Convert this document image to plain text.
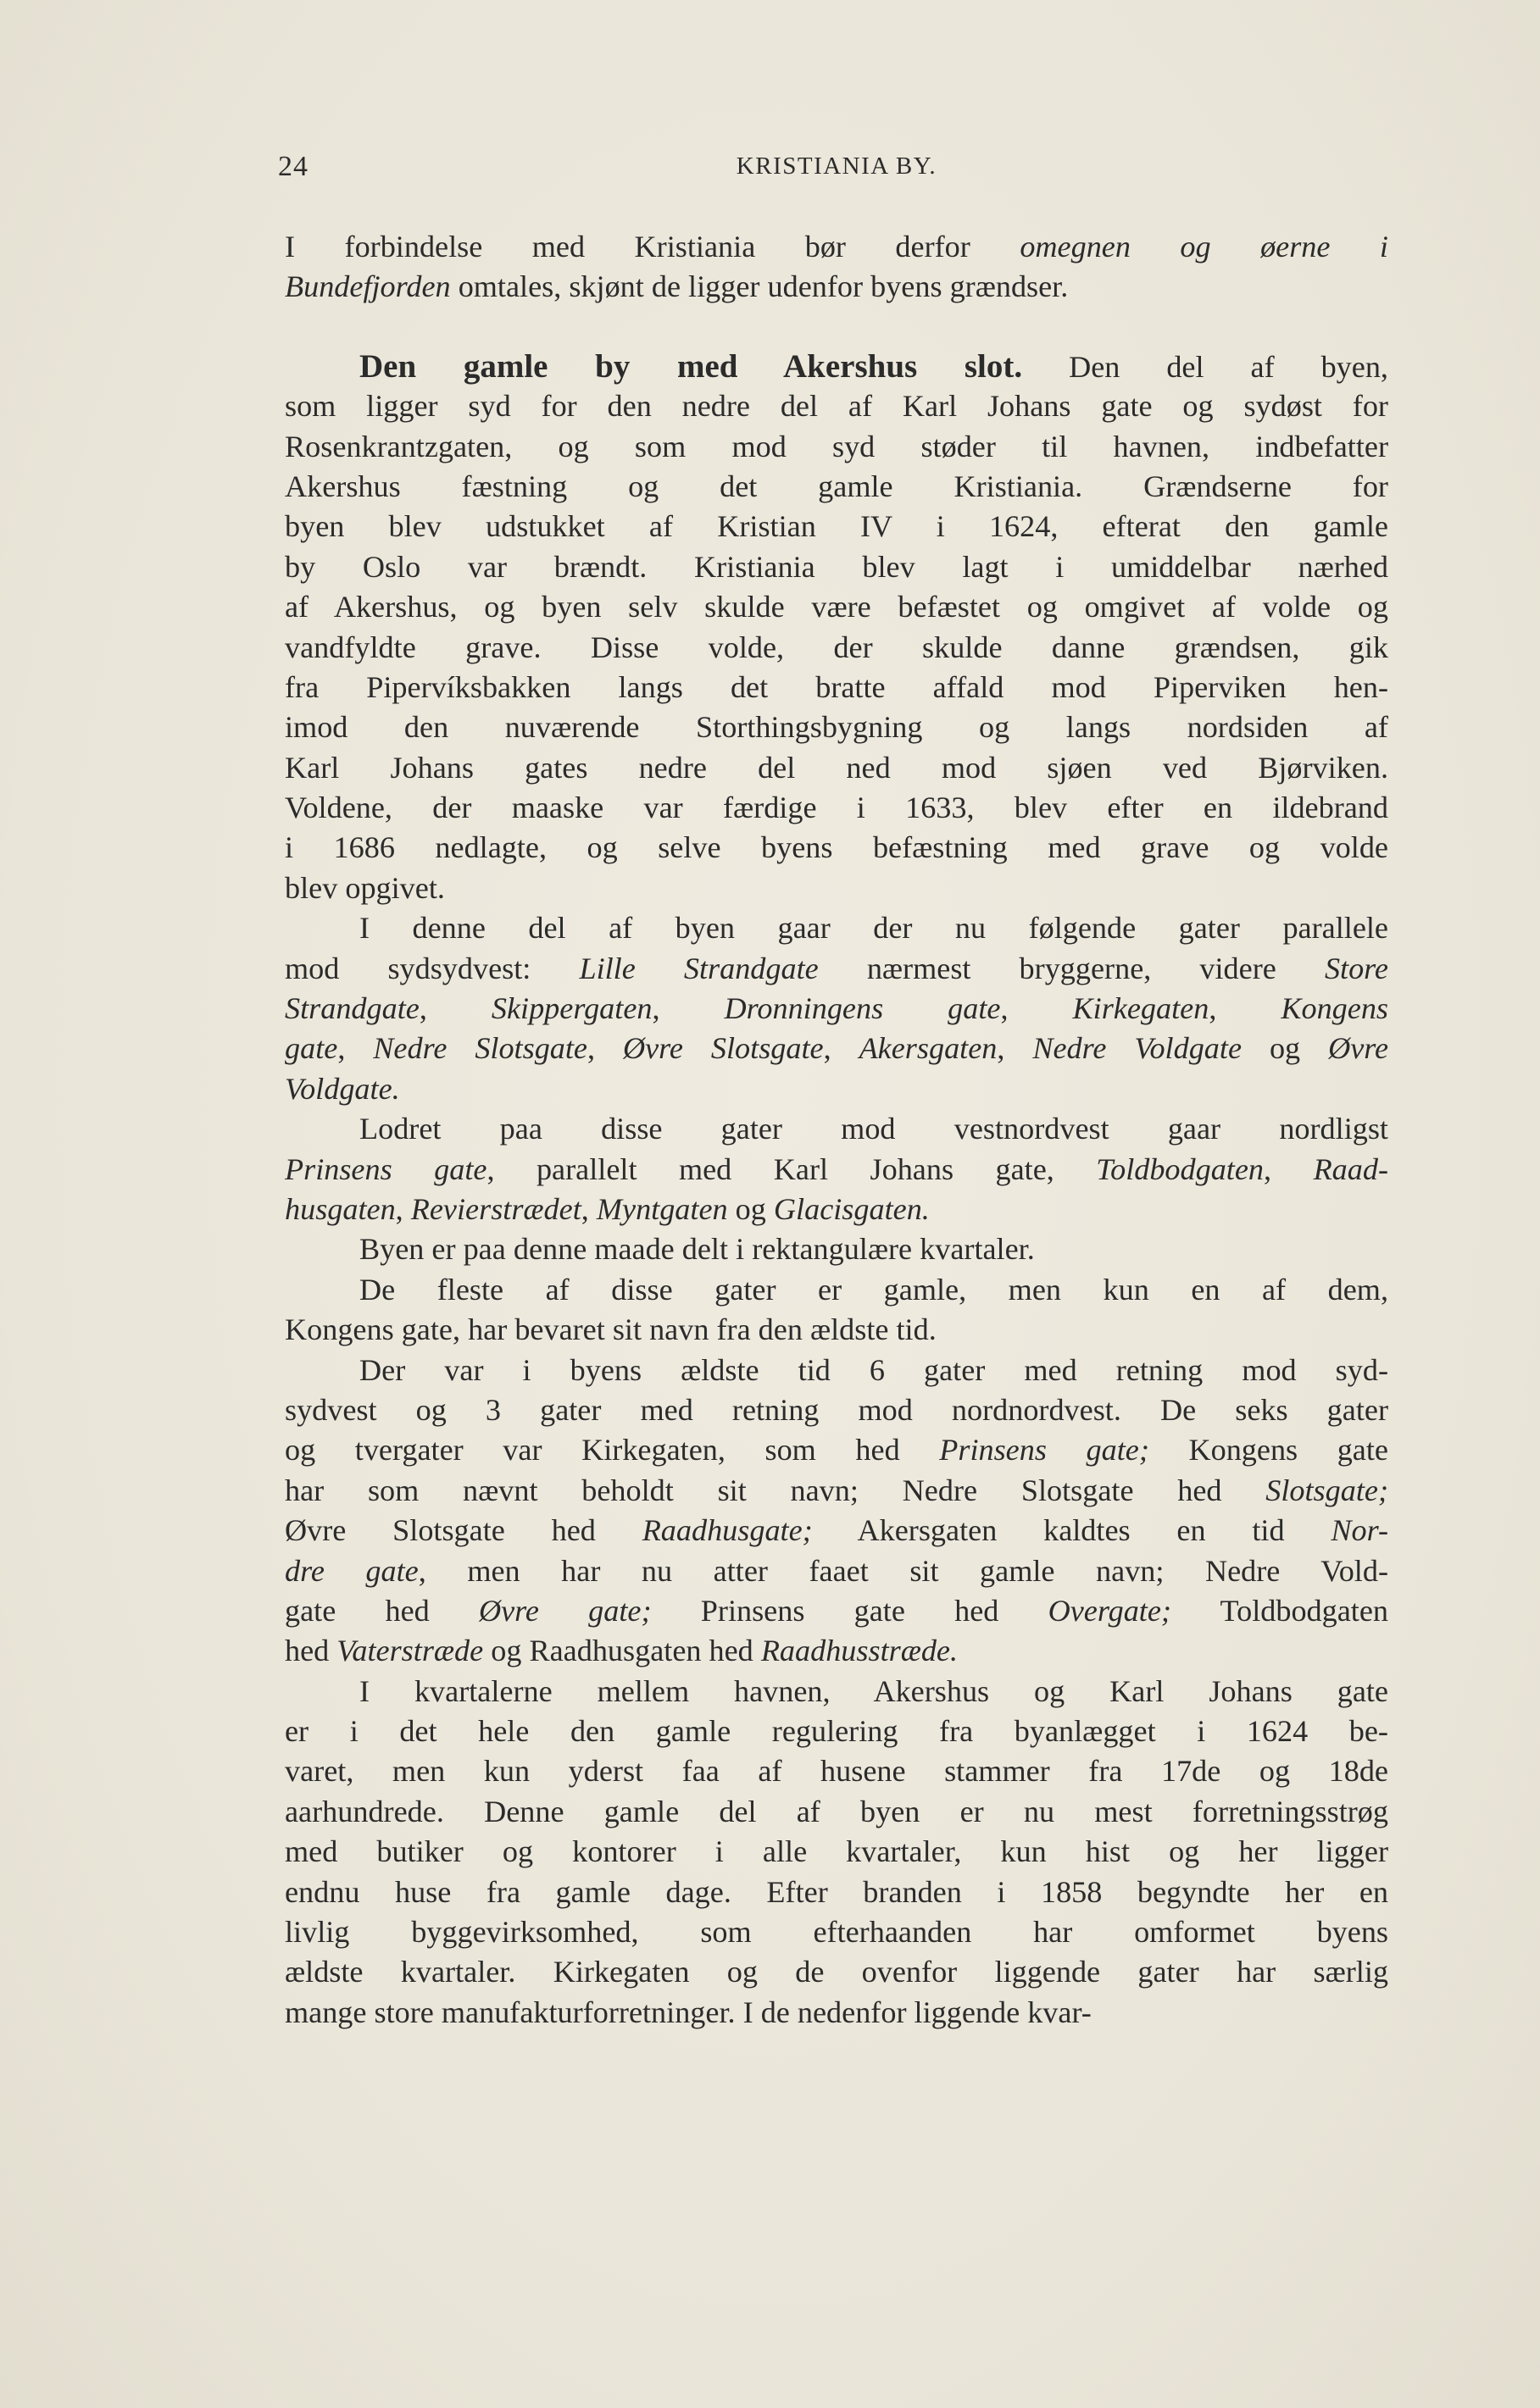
24	KRISTIANIA BY.
I forbindelse med Kristiania bør derfor omegnen og øerne i
Bundefjorden omtales, skjønt de ligger udenfor byens grændser.
Den gamle by med Akershus slot. Den del af byen,
som ligger syd for den nedre del af Karl Johans gate og sydøst for
Rosenkrantzgaten, og som mod syd støder til havnen, indbefatter
Akershus fæstning og det gamle Kristiania. Grændserne for
byen blev udstukket af Kristian IV i 1624, efterat den gamle
by Oslo var brændt. Kristiania blev lagt i umiddelbar nærhed
af Akershus, og byen selv skulde være befæstet og omgivet af volde og
vandfyldte grave. Disse volde, der skulde danne grændsen, gik
fra Pipervíksbakken langs det bratte affald mod Piperviken hen-
imod den nuværende Storthingsbygning og langs nordsiden af
Karl Johans gates nedre del ned mod sjøen ved Bjørviken.
Voldene, der maaske var færdige i 1633, blev efter en ildebrand
i 1686 nedlagte, og selve byens befæstning med grave og volde
blev opgivet.
I denne del af byen gaar der nu følgende gater parallele
mod sydsydvest: Lille Strandgate nærmest bryggerne, videre Store
Strandgate, Skippergaten, Dronningens gate, Kirkegaten, Kongens
gate, Nedre Slotsgate, Øvre Slotsgate, Akersgaten, Nedre Voldgate og Øvre
Voldgate.
Lodret paa disse gater mod vestnordvest gaar nordligst
Prinsens gate, parallelt med Karl Johans gate, Toldbodgaten, Raad-
husgaten, Revierstrædet, Myntgaten og Glacisgaten.
Byen er paa denne maade delt i rektangulære kvartaler.
De fleste af disse gater er gamle, men kun en af dem,
Kongens gate, har bevaret sit navn fra den ældste tid.
Der var i byens ældste tid 6 gater med retning mod syd-
sydvest og 3 gater med retning mod nordnordvest. De seks gater
og tvergater var Kirkegaten, som hed Prinsens gate; Kongens gate
har som nævnt beholdt sit navn; Nedre Slotsgate hed Slotsgate;
Øvre Slotsgate hed Raadhusgate; Akersgaten kaldtes en tid Nor-
dre gate, men har nu atter faaet sit gamle navn; Nedre Vold-
gate hed Øvre gate; Prinsens gate hed Overgate; Toldbodgaten
hed Vaterstræde og Raadhusgaten hed Raadhusstræde.
I kvartalerne mellem havnen, Akershus og Karl Johans gate
er i det hele den gamle regulering fra byanlægget i 1624 be-
varet, men kun yderst faa af husene stammer fra 17de og 18de
aarhundrede. Denne gamle del af byen er nu mest forretningsstrøg
med butiker og kontorer i alle kvartaler, kun hist og her ligger
endnu huse fra gamle dage. Efter branden i 1858 begyndte her en
livlig byggevirksomhed, som efterhaanden har omformet byens
ældste kvartaler. Kirkegaten og de ovenfor liggende gater har særlig
mange store manufakturforretninger. I de nedenfor liggende kvar-
